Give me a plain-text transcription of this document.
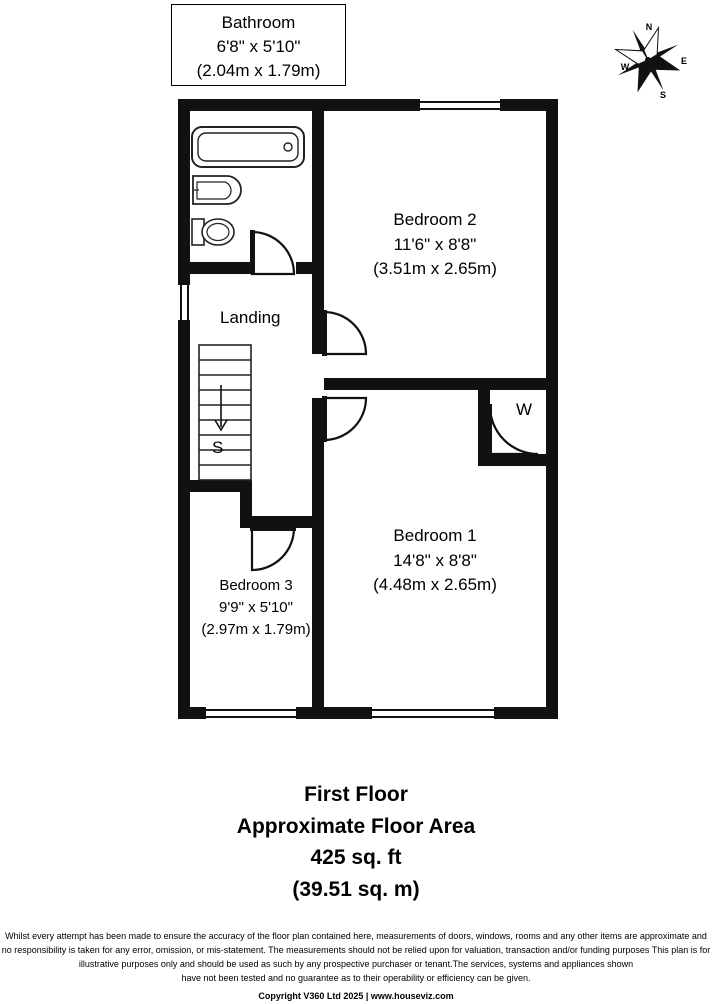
N
E
S
W
Bathroom
6'8" x 5'10"
(2.04m x 1.79m)
Bedroom 2
11'6" x 8'8"
(3.51m x 2.65m)
Bedroom 1
14'8" x 8'8"
(4.48m x 2.65m)
Bedroom 3
9'9" x 5'10"
(2.97m x 1.79m)
Landing
S
W
First Floor
Approximate Floor Area
425 sq. ft
(39.51 sq. m)
Whilst every attempt has been made to ensure the accuracy of the floor plan contained here, measurements of doors, windows, rooms and any other items are approximate and
no responsibility is taken for any error, omission, or mis-statement. The measurements should not be relied upon for valuation, transaction and/or funding purposes This plan is for
illustrative purposes only and should be used as such by any prospective purchaser or tenant.The services, systems and appliances shown
have not been tested and no guarantee as to their operability or efficiency can be given.
Copyright V360 Ltd 2025 | www.houseviz.com
